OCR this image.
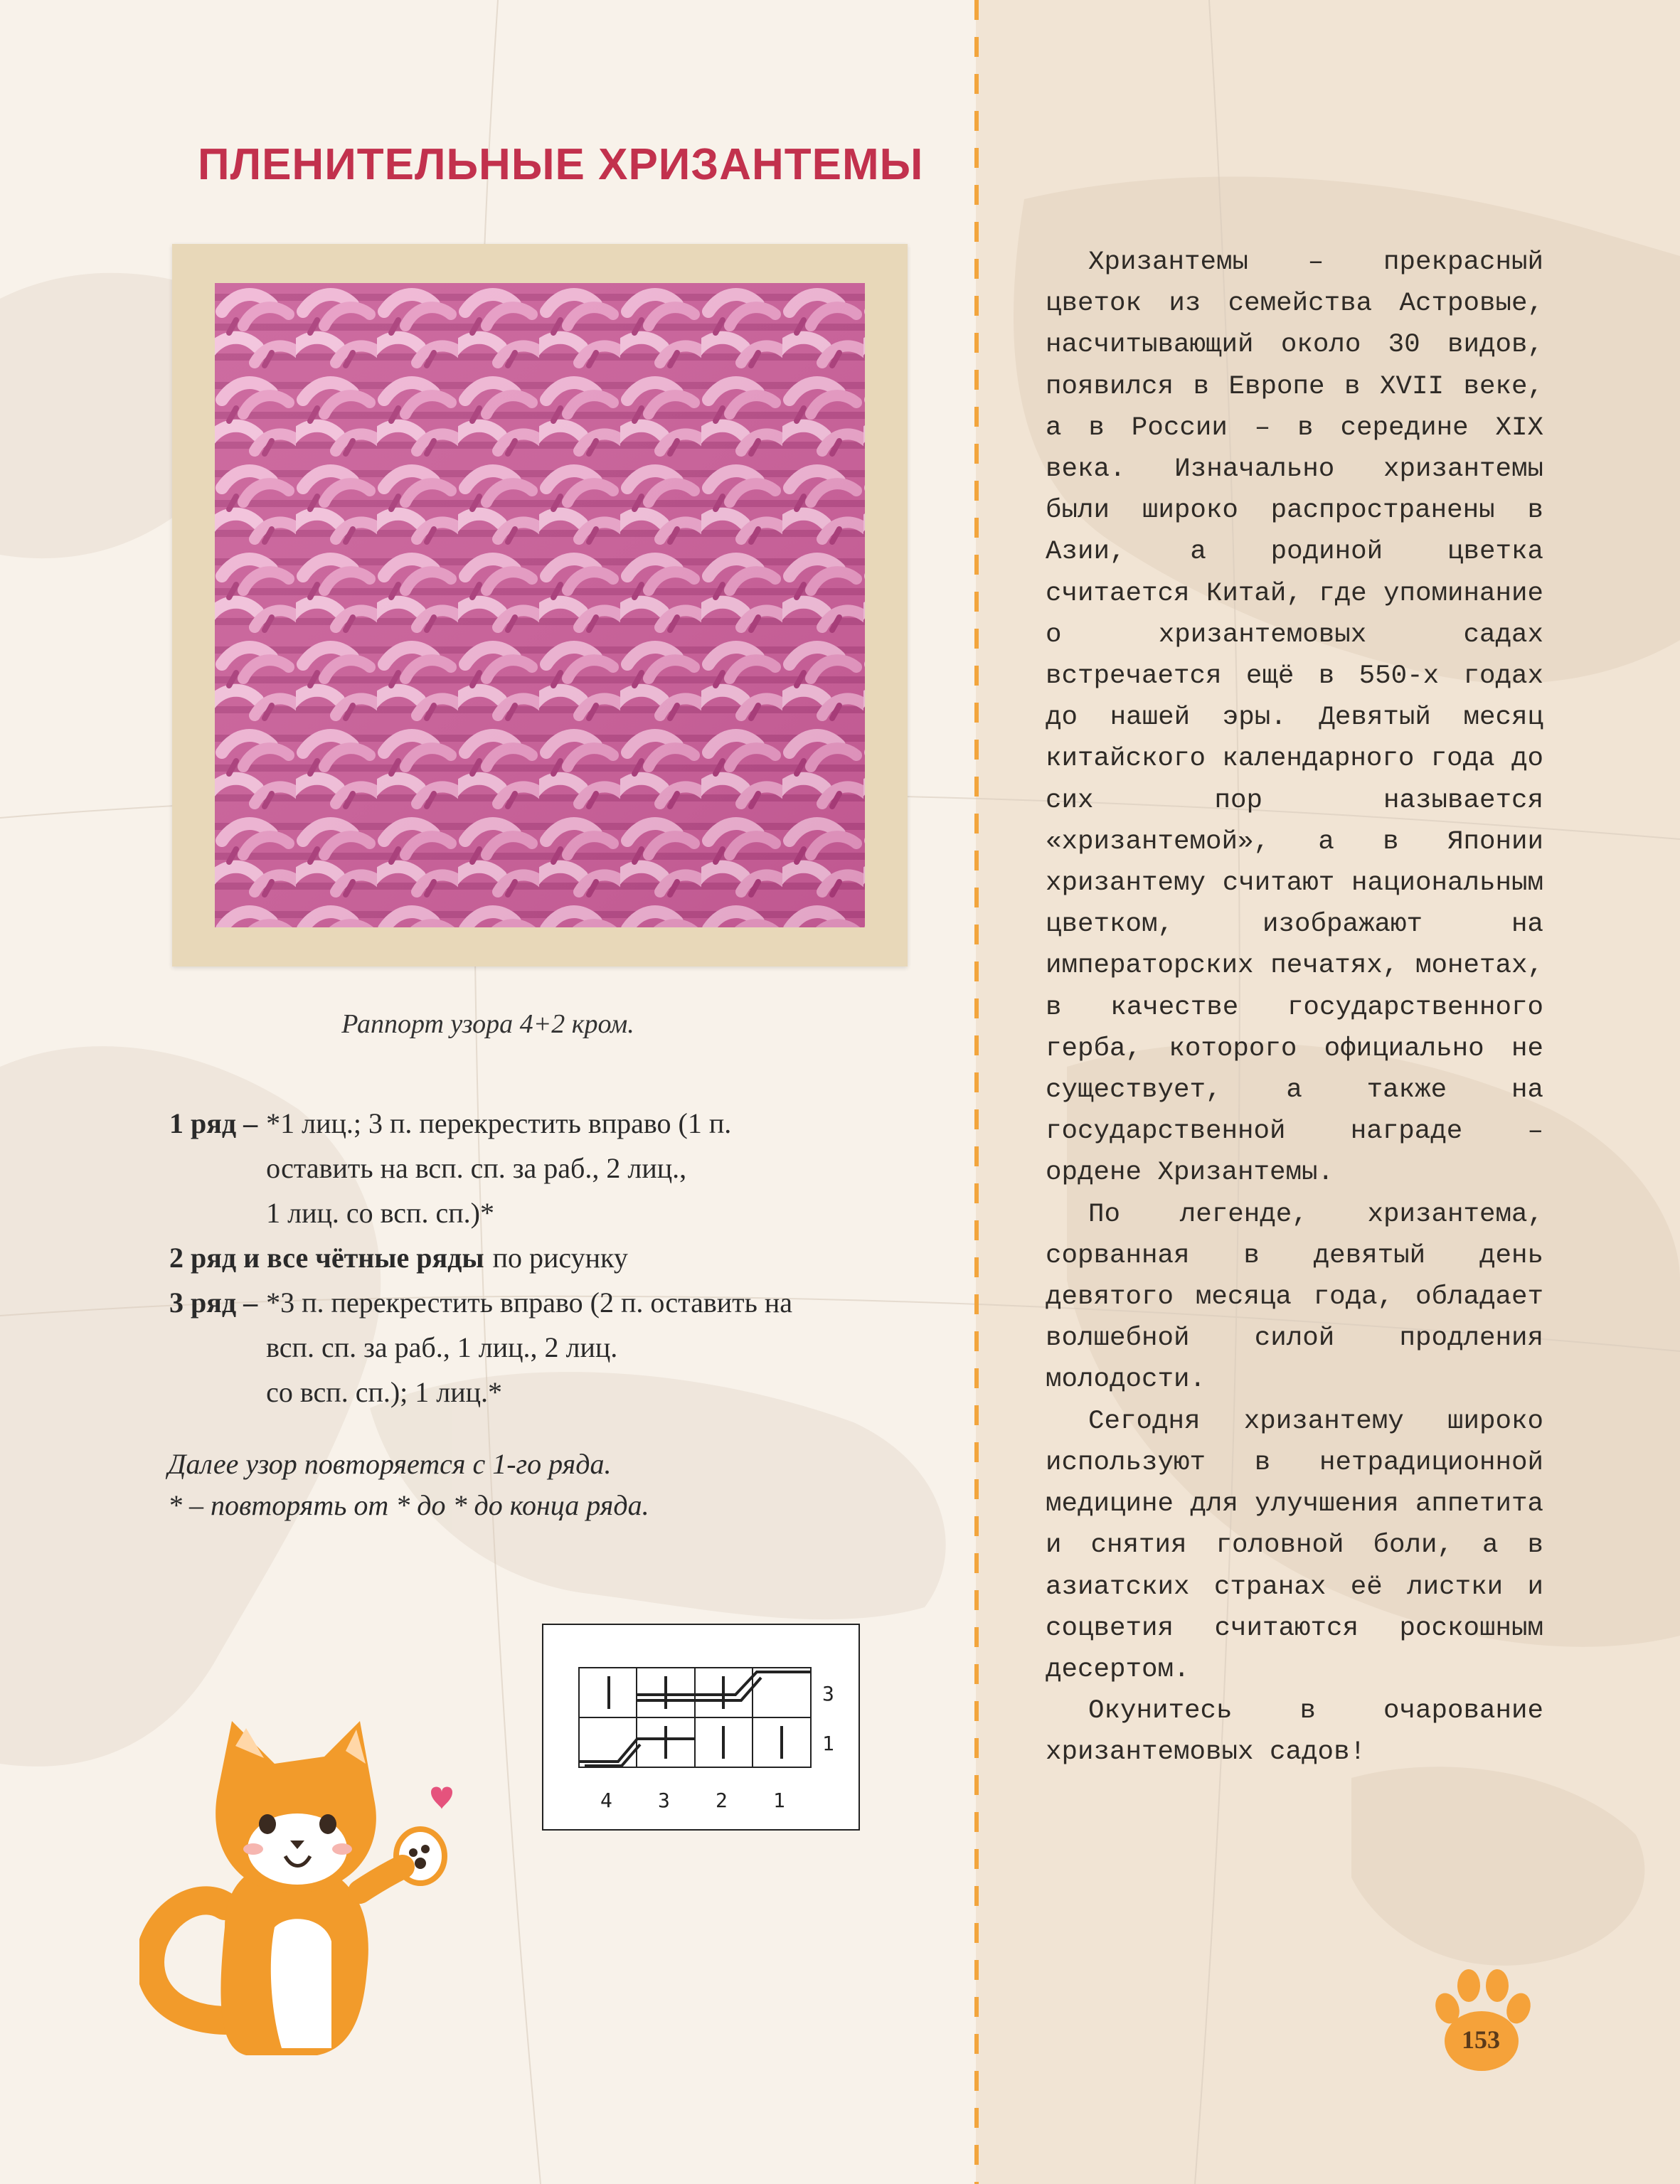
ПЛЕНИТЕЛЬНЫЕ ХРИЗАНТЕМЫ
Раппорт узора 4+2 кром.
1 ряд – *1 лиц.; 3 п. перекрестить вправо (1 п.
оставить на всп. сп. за раб., 2 лиц.,
1 лиц. со всп. сп.)*
2 ряд и все чётные ряды по рисунку
3 ряд – *3 п. перекрестить вправо (2 п. оставить на
всп. сп. за раб., 1 лиц., 2 лиц.
со всп. сп.); 1 лиц.*
Далее узор повторяется с 1-го ряда.
* – повторять от * до * до конца ряда.
3
1
4 3 2 1

Хризантемы – прекрасный цветок из семейства Астровые, насчитывающий около 30 видов, появился в Европе в XVII веке, а в России – в середине XIX века. Изначально хризантемы были широко распространены в Азии, а родиной цветка считается Китай, где упоминание о хризантемовых садах встречается ещё в 550-х годах до нашей эры. Девятый месяц китайского календарного года до сих пор называется «хризантемой», а в Японии хризантему считают национальным цветком, изображают на императорских печатях, монетах, в качестве государственного герба, которого официально не существует, а также на государственной награде – ордене Хризантемы.

По легенде, хризантема, сорванная в девятый день девятого месяца года, обладает волшебной силой продления молодости.

Сегодня хризантему широко используют в нетрадиционной медицине для улучшения аппетита и снятия головной боли, а в азиатских странах её листки и соцветия считаются роскошным десертом.

Окунитесь в очарование хризантемовых садов!

153
